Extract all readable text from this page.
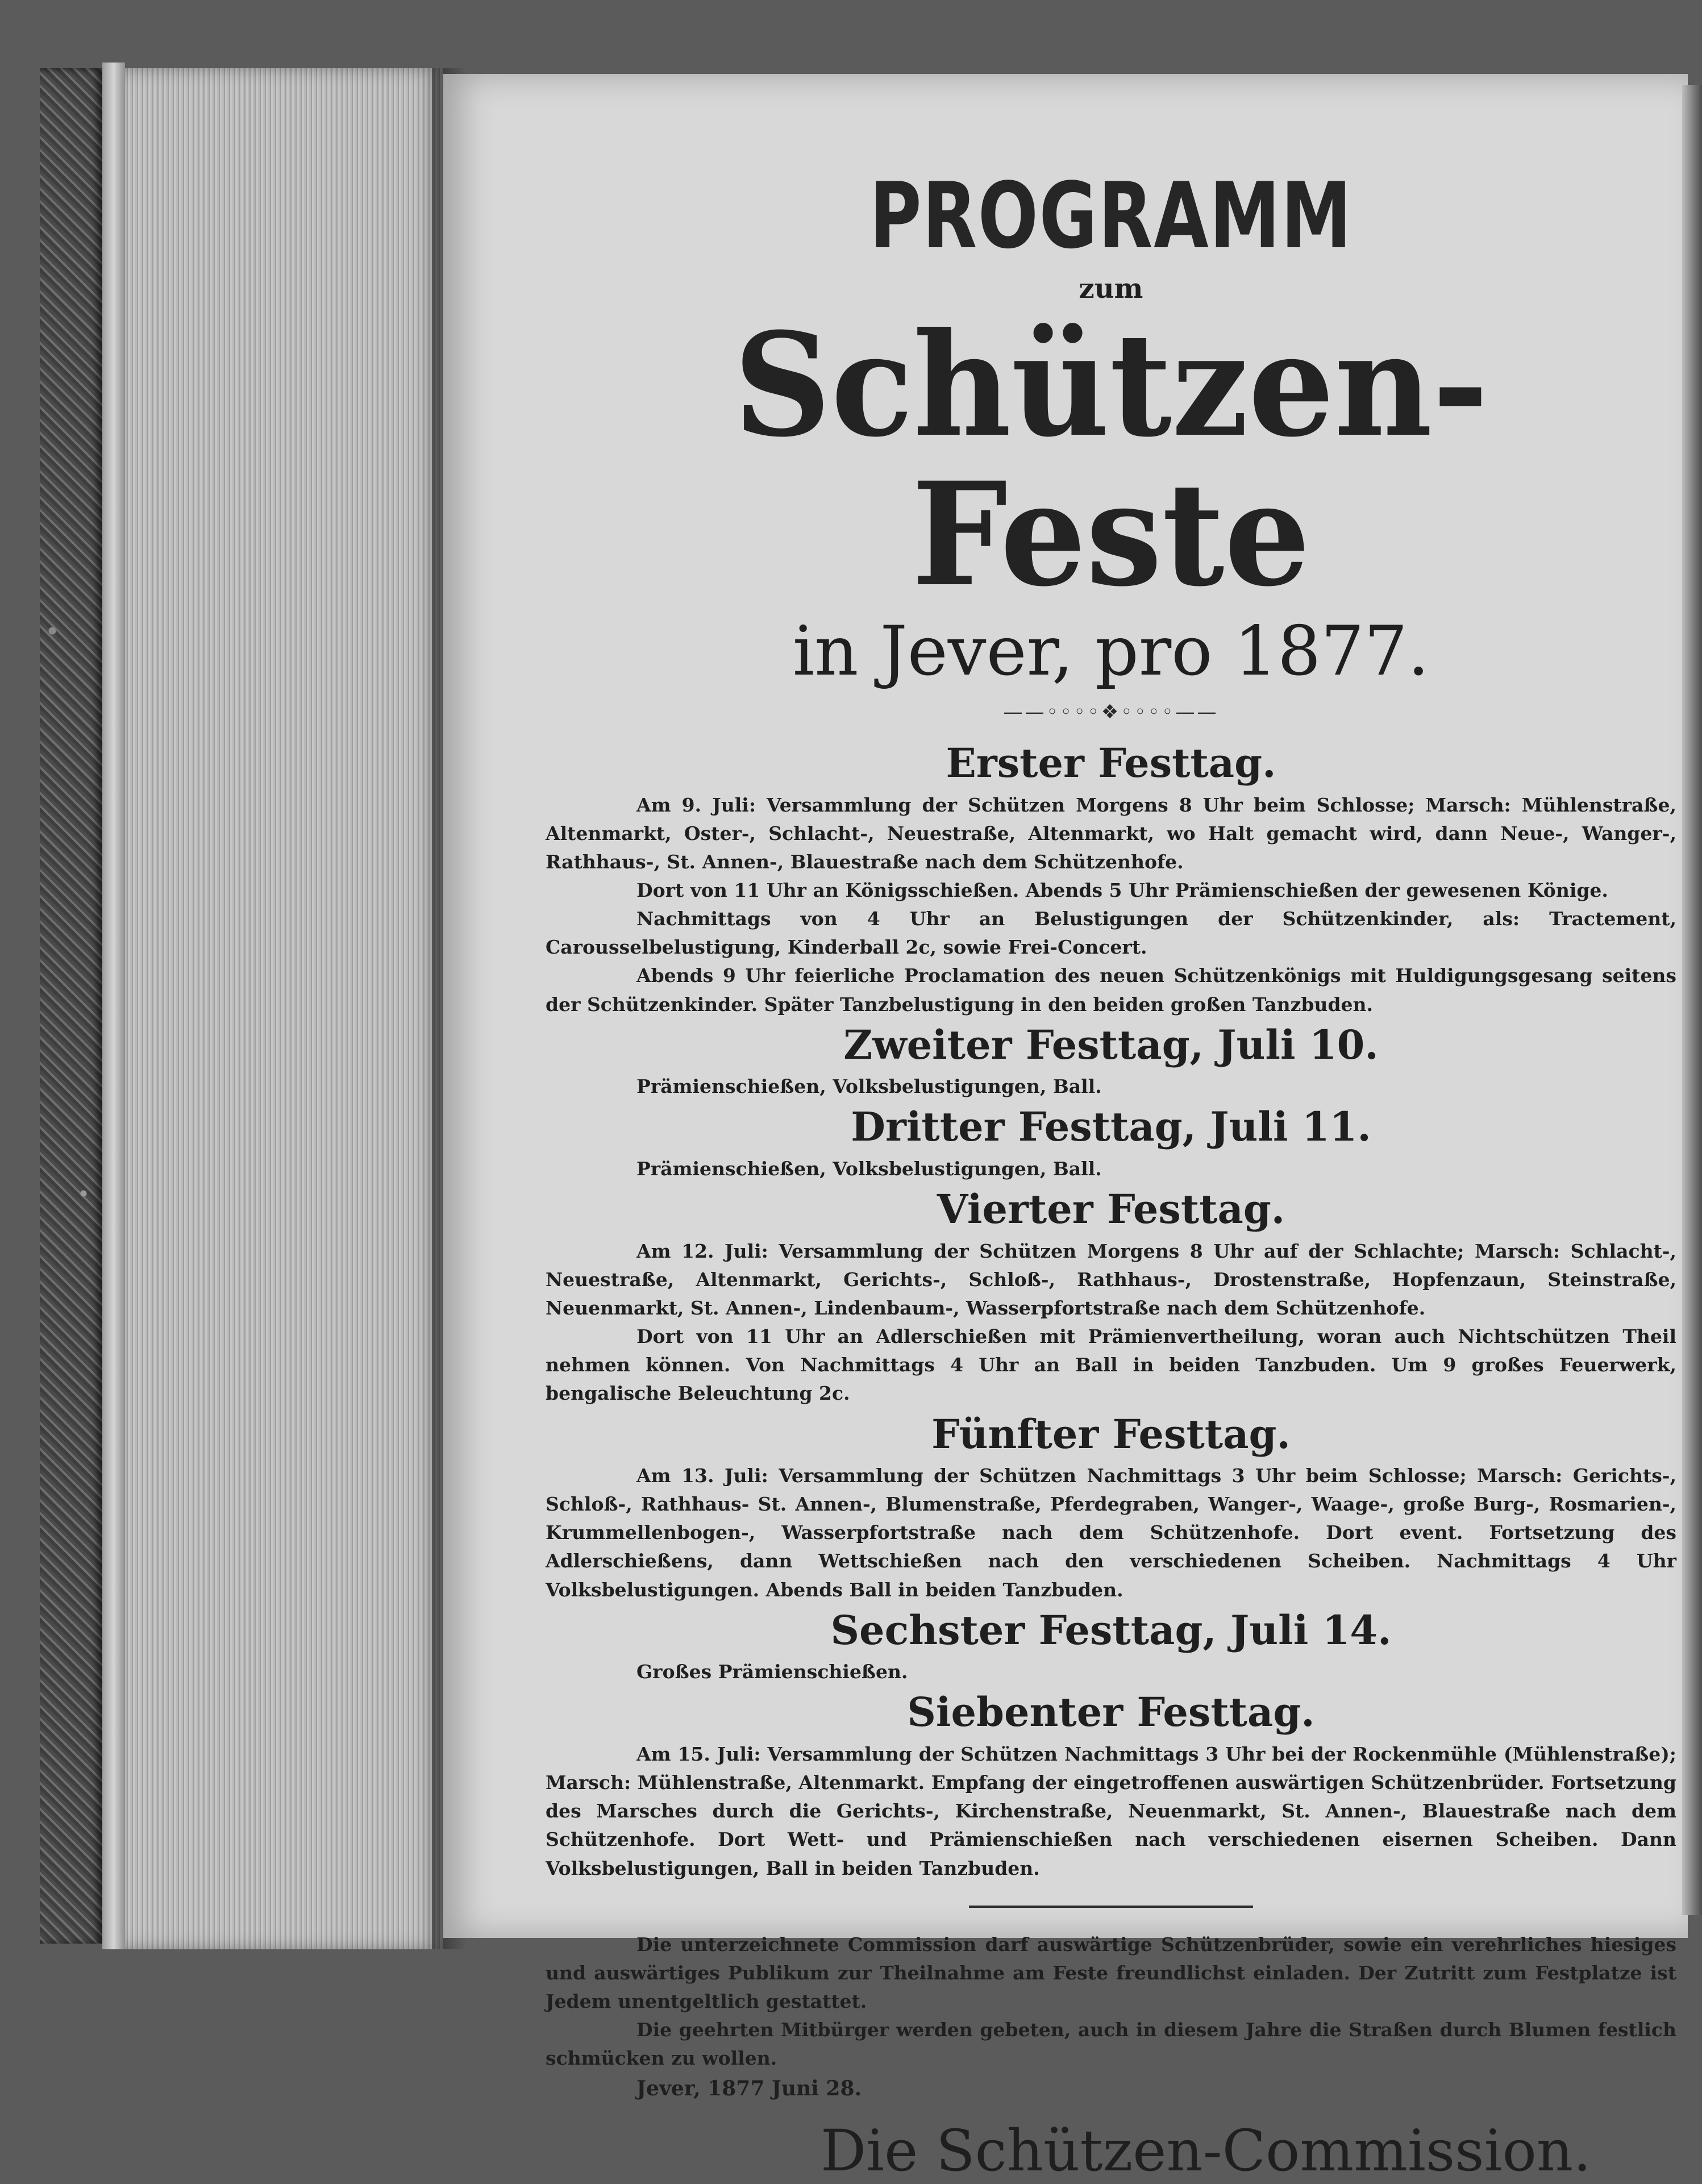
PROGRAMM
zum
Schützen-Feste
in Jever, pro 1877.
——◦◦◦◦❖◦◦◦◦——
Erster Festtag.

Am 9. Juli: Versammlung der Schützen Morgens 8 Uhr beim Schlosse; Marsch: Mühlenstraße, Altenmarkt, Oster-, Schlacht-, Neuestraße, Altenmarkt, wo Halt gemacht wird, dann Neue-, Wanger-, Rathhaus-, St. Annen-, Blauestraße nach dem Schützenhofe.

Dort von 11 Uhr an Königsschießen. Abends 5 Uhr Prämienschießen der gewesenen Könige.

Nachmittags von 4 Uhr an Belustigungen der Schützenkinder, als: Tractement, Carousselbelustigung, Kinderball 2c, sowie Frei-Concert.

Abends 9 Uhr feierliche Proclamation des neuen Schützenkönigs mit Huldigungsgesang seitens der Schützenkinder. Später Tanzbelustigung in den beiden großen Tanzbuden.

Zweiter Festtag, Juli 10.

Prämienschießen, Volksbelustigungen, Ball.

Dritter Festtag, Juli 11.

Prämienschießen, Volksbelustigungen, Ball.

Vierter Festtag.

Am 12. Juli: Versammlung der Schützen Morgens 8 Uhr auf der Schlachte; Marsch: Schlacht-, Neuestraße, Altenmarkt, Gerichts-, Schloß-, Rathhaus-, Drostenstraße, Hopfenzaun, Steinstraße, Neuenmarkt, St. Annen-, Lindenbaum-, Wasserpfortstraße nach dem Schützenhofe.

Dort von 11 Uhr an Adlerschießen mit Prämienvertheilung, woran auch Nichtschützen Theil nehmen können. Von Nachmittags 4 Uhr an Ball in beiden Tanzbuden. Um 9 großes Feuerwerk, bengalische Beleuchtung 2c.

Fünfter Festtag.

Am 13. Juli: Versammlung der Schützen Nachmittags 3 Uhr beim Schlosse; Marsch: Gerichts-, Schloß-, Rathhaus- St. Annen-, Blumenstraße, Pferdegraben, Wanger-, Waage-, große Burg-, Rosmarien-, Krummellenbogen-, Wasserpfortstraße nach dem Schützenhofe. Dort event. Fortsetzung des Adlerschießens, dann Wettschießen nach den verschiedenen Scheiben. Nachmittags 4 Uhr Volksbelustigungen. Abends Ball in beiden Tanzbuden.

Sechster Festtag, Juli 14.

Großes Prämienschießen.

Siebenter Festtag.

Am 15. Juli: Versammlung der Schützen Nachmittags 3 Uhr bei der Rockenmühle (Mühlenstraße); Marsch: Mühlenstraße, Altenmarkt. Empfang der eingetroffenen auswärtigen Schützenbrüder. Fortsetzung des Marsches durch die Gerichts-, Kirchenstraße, Neuenmarkt, St. Annen-, Blauestraße nach dem Schützenhofe. Dort Wett- und Prämienschießen nach verschiedenen eisernen Scheiben. Dann Volksbelustigungen, Ball in beiden Tanzbuden.

Die unterzeichnete Commission darf auswärtige Schützenbrüder, sowie ein verehrliches hiesiges und auswärtiges Publikum zur Theilnahme am Feste freundlichst einladen. Der Zutritt zum Festplatze ist Jedem unentgeltlich gestattet.

Die geehrten Mitbürger werden gebeten, auch in diesem Jahre die Straßen durch Blumen festlich schmücken zu wollen.

Jever, 1877 Juni 28.
Die Schützen-Commission.
